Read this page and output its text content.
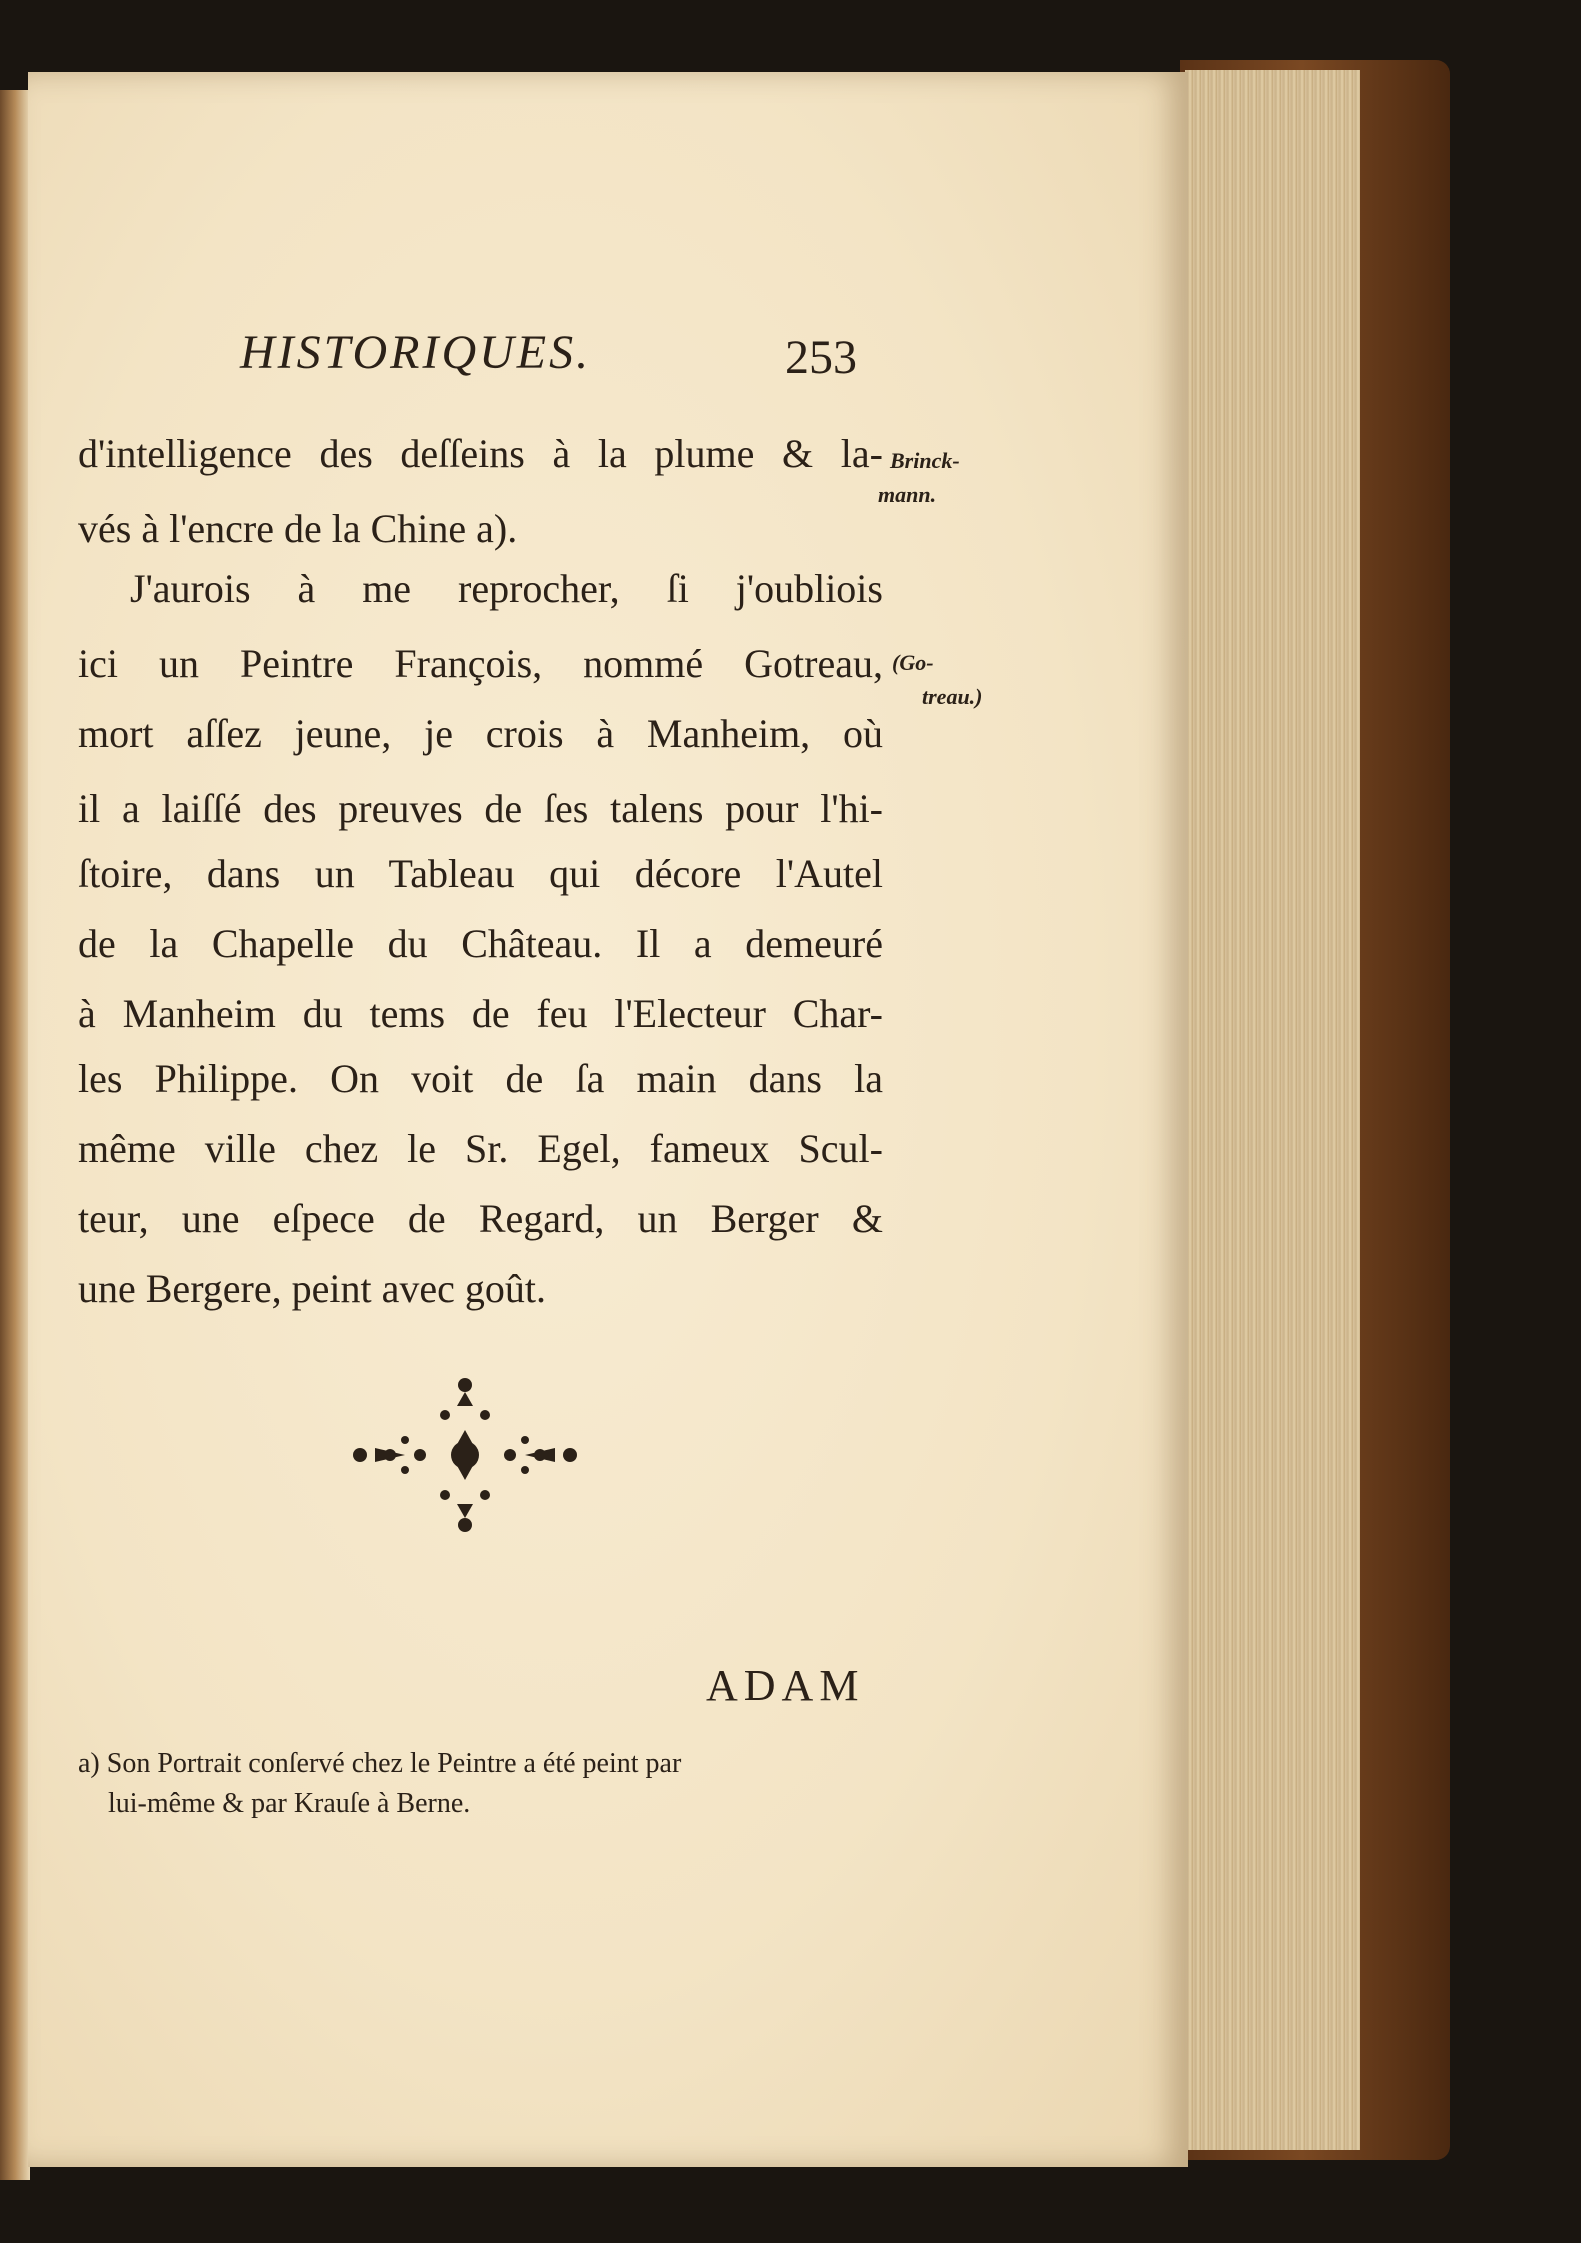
HISTORIQUES.	253
d'intelligence des deſſeins à la plume & la-
vés à l'encre de la Chine a).
J'aurois à me reprocher, ſi j'oubliois
ici un Peintre François, nommé Gotreau,
mort aſſez jeune, je crois à Manheim, où
il a laiſſé des preuves de ſes talens pour l'hi-
ſtoire, dans un Tableau qui décore l'Autel
de la Chapelle du Château. Il a demeuré
à Manheim du tems de feu l'Electeur Char-
les Philippe. On voit de ſa main dans la
même ville chez le Sr. Egel, fameux Scul-
teur, une eſpece de Regard, un Berger &
une Bergere, peint avec goût.
Brinck-
mann.
(Go-
treau.)
ADAM
a) Son Portrait conſervé chez le Peintre a été peint par
lui-même & par Krauſe à Berne.
